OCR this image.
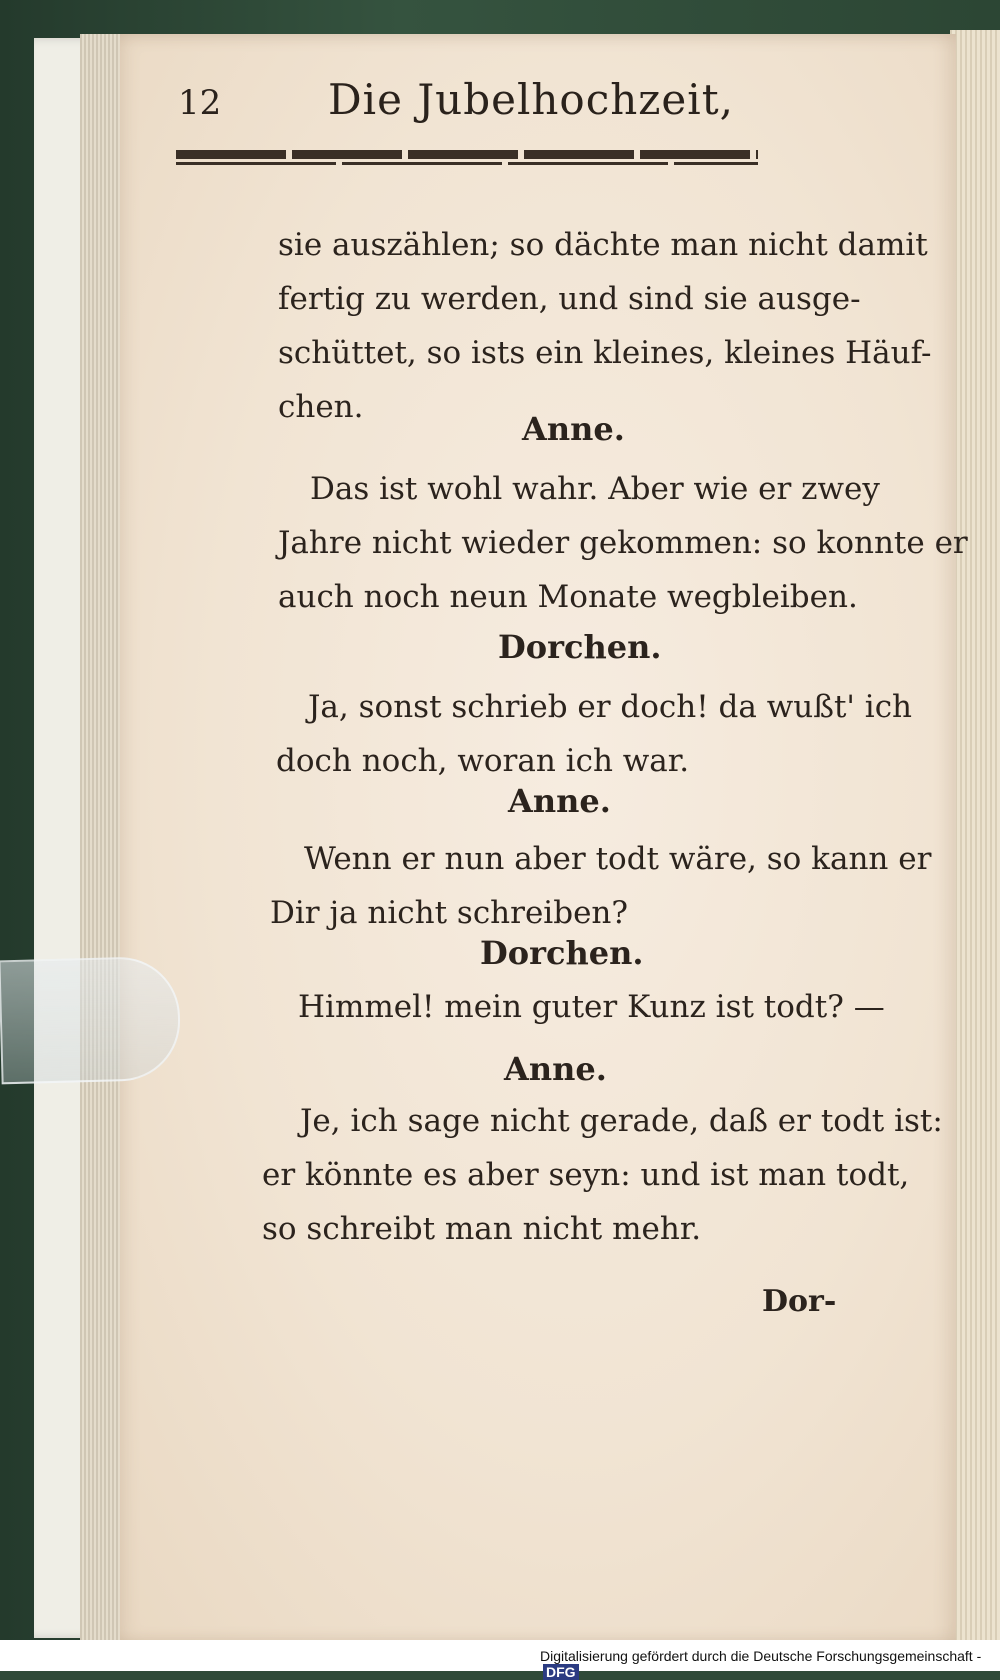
12	Die Jubelhochzeit,
sie auszählen; so dächte man nicht damit
fertig zu werden, und sind sie ausge-
schüttet, so ists ein kleines, kleines Häuf-
chen.
Anne.
Das ist wohl wahr. Aber wie er zwey
Jahre nicht wieder gekommen: so konnte er
auch noch neun Monate wegbleiben.
Dorchen.
Ja, sonst schrieb er doch! da wußt' ich
doch noch, woran ich war.
Anne.
Wenn er nun aber todt wäre, so kann er
Dir ja nicht schreiben?
Dorchen.
Himmel! mein guter Kunz ist todt? —
Anne.
Je, ich sage nicht gerade, daß er todt ist:
er könnte es aber seyn: und ist man todt,
so schreibt man nicht mehr.
Dor-
Digitalisierung gefördert durch die Deutsche Forschungsgemeinschaft -DFG
